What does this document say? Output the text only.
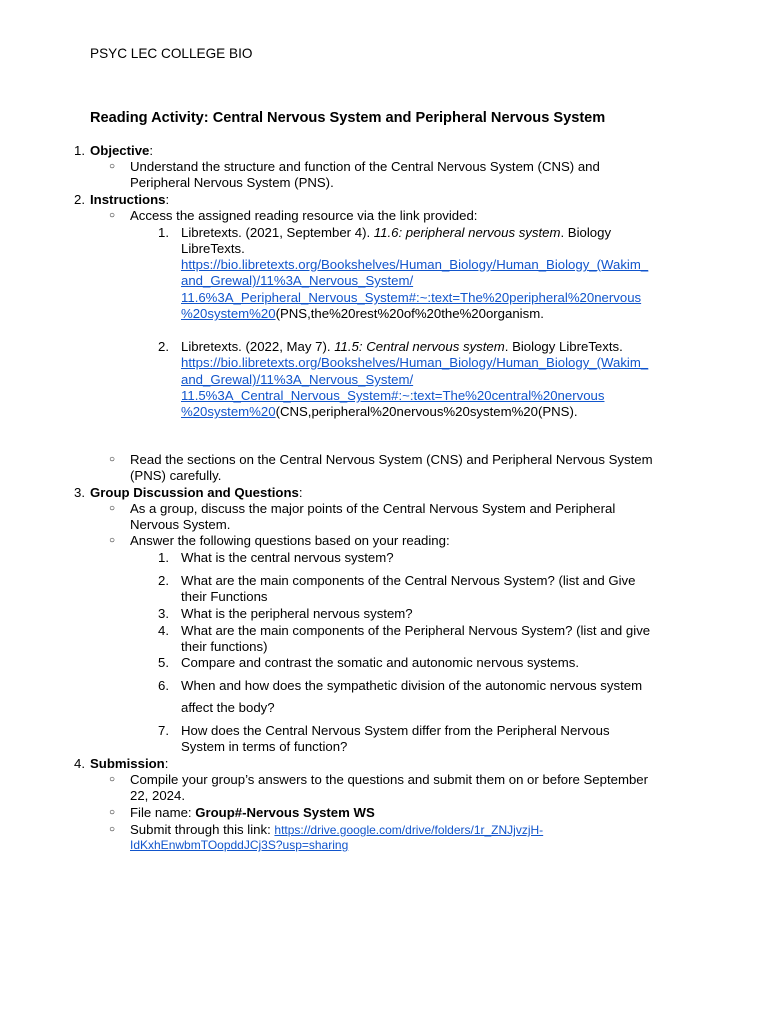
PSYC LEC COLLEGE BIO
Reading Activity: Central Nervous System and Peripheral Nervous System
1. Objective:
○ Understand the structure and function of the Central Nervous System (CNS) and
Peripheral Nervous System (PNS).
2. Instructions:
○ Access the assigned reading resource via the link provided:
1. Libretexts. (2021, September 4). 11.6: peripheral nervous system. Biology
LibreTexts.
https://bio.libretexts.org/Bookshelves/Human_Biology/Human_Biology_(Wakim_
and_Grewal)/11%3A_Nervous_System/
11.6%3A_Peripheral_Nervous_System#:~:text=The%20peripheral%20nervous
%20system%20(PNS,the%20rest%20of%20the%20organism.
2. Libretexts. (2022, May 7). 11.5: Central nervous system. Biology LibreTexts.
https://bio.libretexts.org/Bookshelves/Human_Biology/Human_Biology_(Wakim_
and_Grewal)/11%3A_Nervous_System/
11.5%3A_Central_Nervous_System#:~:text=The%20central%20nervous
%20system%20(CNS,peripheral%20nervous%20system%20(PNS).
○ Read the sections on the Central Nervous System (CNS) and Peripheral Nervous System
(PNS) carefully.
3. Group Discussion and Questions:
○ As a group, discuss the major points of the Central Nervous System and Peripheral
Nervous System.
○ Answer the following questions based on your reading:
1. What is the central nervous system?
2. What are the main components of the Central Nervous System? (list and Give
their Functions
3. What is the peripheral nervous system?
4. What are the main components of the Peripheral Nervous System? (list and give
their functions)
5. Compare and contrast the somatic and autonomic nervous systems.
6. When and how does the sympathetic division of the autonomic nervous system
affect the body?
7. How does the Central Nervous System differ from the Peripheral Nervous
System in terms of function?
4. Submission:
○ Compile your group’s answers to the questions and submit them on or before September
22, 2024.
○ File name: Group#-Nervous System WS
○ Submit through this link: https://drive.google.com/drive/folders/1r_ZNJjvzjH-
IdKxhEnwbmTOopddJCj3S?usp=sharing
